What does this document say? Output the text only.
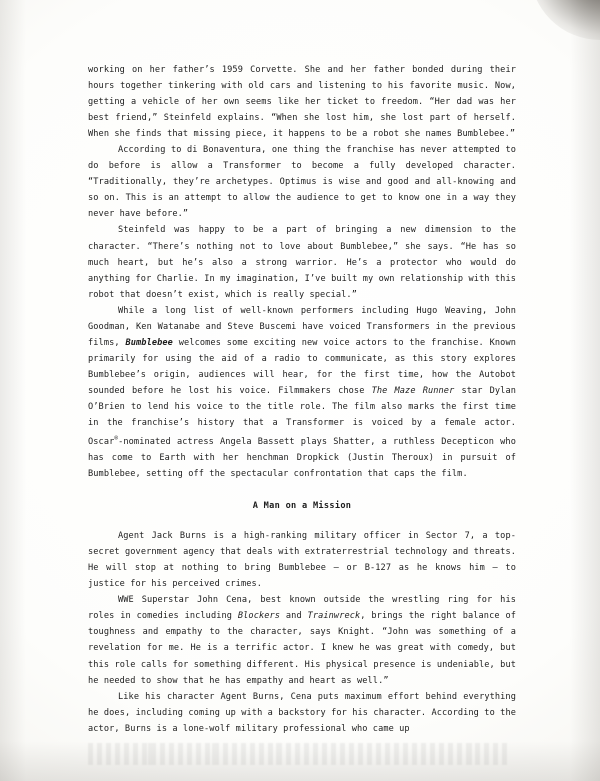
working on her father’s 1959 Corvette. She and her father bonded during their hours together tinkering with old cars and listening to his favorite music. Now, getting a vehicle of her own seems like her ticket to freedom. “Her dad was her best friend,” Steinfeld explains. “When she lost him, she lost part of herself. When she finds that missing piece, it happens to be a robot she names Bumblebee.”

According to di Bonaventura, one thing the franchise has never attempted to do before is allow a Transformer to become a fully developed character. “Traditionally, they’re archetypes. Optimus is wise and good and all-knowing and so on. This is an attempt to allow the audience to get to know one in a way they never have before.”

Steinfeld was happy to be a part of bringing a new dimension to the character. “There’s nothing not to love about Bumblebee,” she says. “He has so much heart, but he’s also a strong warrior. He’s a protector who would do anything for Charlie. In my imagination, I’ve built my own relationship with this robot that doesn’t exist, which is really special.”

While a long list of well-known performers including Hugo Weaving, John Goodman, Ken Watanabe and Steve Buscemi have voiced Transformers in the previous films, Bumblebee welcomes some exciting new voice actors to the franchise. Known primarily for using the aid of a radio to communicate, as this story explores Bumblebee’s origin, audiences will hear, for the first time, how the Autobot sounded before he lost his voice. Filmmakers chose The Maze Runner star Dylan O’Brien to lend his voice to the title role. The film also marks the first time in the franchise’s history that a Transformer is voiced by a female actor. Oscar®-nominated actress Angela Bassett plays Shatter, a ruthless Decepticon who has come to Earth with her henchman Dropkick (Justin Theroux) in pursuit of Bumblebee, setting off the spectacular confrontation that caps the film.

A Man on a Mission

Agent Jack Burns is a high-ranking military officer in Sector 7, a top-secret government agency that deals with extraterrestrial technology and threats. He will stop at nothing to bring Bumblebee — or B-127 as he knows him — to justice for his perceived crimes.

WWE Superstar John Cena, best known outside the wrestling ring for his roles in comedies including Blockers and Trainwreck, brings the right balance of toughness and empathy to the character, says Knight. “John was something of a revelation for me. He is a terrific actor. I knew he was great with comedy, but this role calls for something different. His physical presence is undeniable, but he needed to show that he has empathy and heart as well.”

Like his character Agent Burns, Cena puts maximum effort behind everything he does, including coming up with a backstory for his character. According to the actor, Burns is a lone-wolf military professional who came up
